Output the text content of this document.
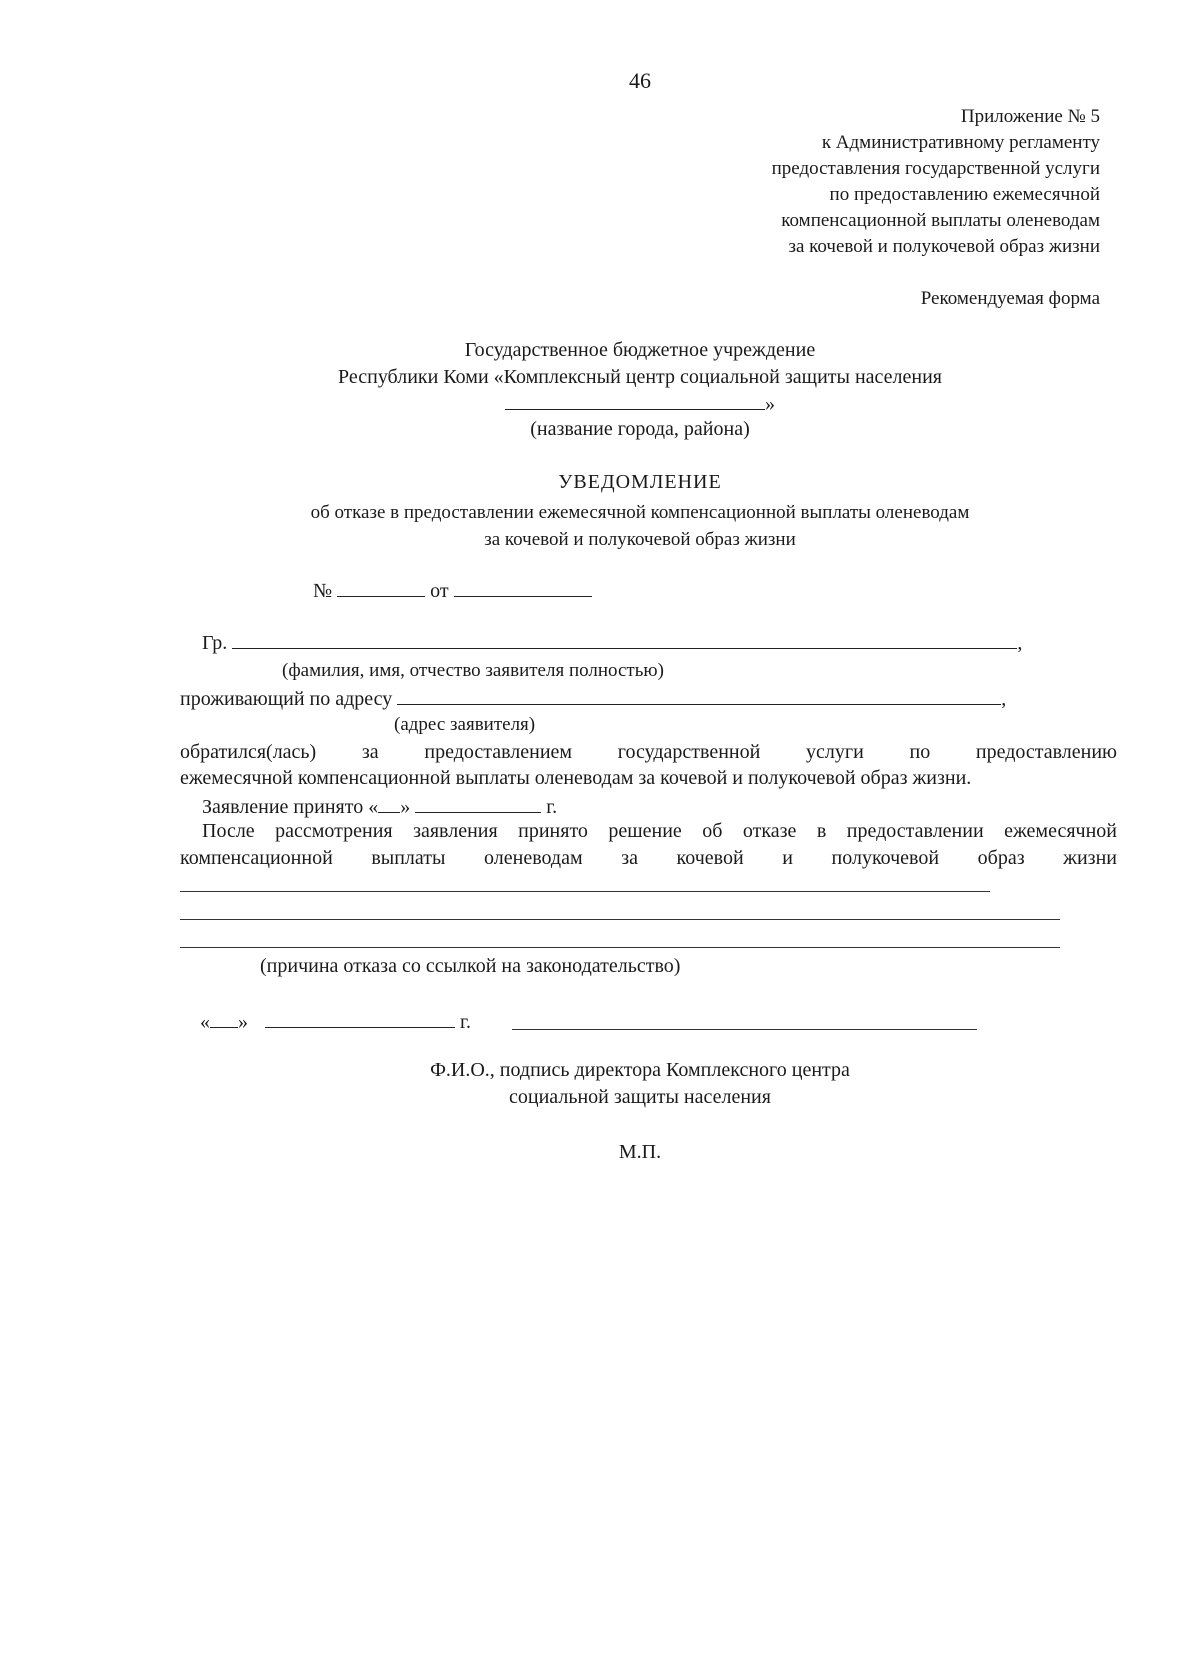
46
Приложение № 5
к Административному регламенту
предоставления государственной услуги
по предоставлению ежемесячной
компенсационной выплаты оленеводам
за кочевой и полукочевой образ жизни
Рекомендуемая форма
Государственное бюджетное учреждение
Республики Коми «Комплексный центр социальной защиты населения
»
(название города, района)
УВЕДОМЛЕНИЕ
об отказе в предоставлении ежемесячной компенсационной выплаты оленеводам
за кочевой и полукочевой образ жизни
№	от
Гр.	,
(фамилия, имя, отчество заявителя полностью)
проживающий по адресу	,
(адрес заявителя)
обратился(лась) за предоставлением государственной услуги по предоставлению
ежемесячной компенсационной выплаты оленеводам за кочевой и полукочевой образ жизни.
Заявление принято « »	г.
После рассмотрения заявления принято решение об отказе в предоставлении ежемесячной
компенсационной выплаты оленеводам за кочевой и полукочевой образ жизни
(причина отказа со ссылкой на законодательство)
« »	г.
Ф.И.О., подпись директора Комплексного центра
социальной защиты населения
М.П.
